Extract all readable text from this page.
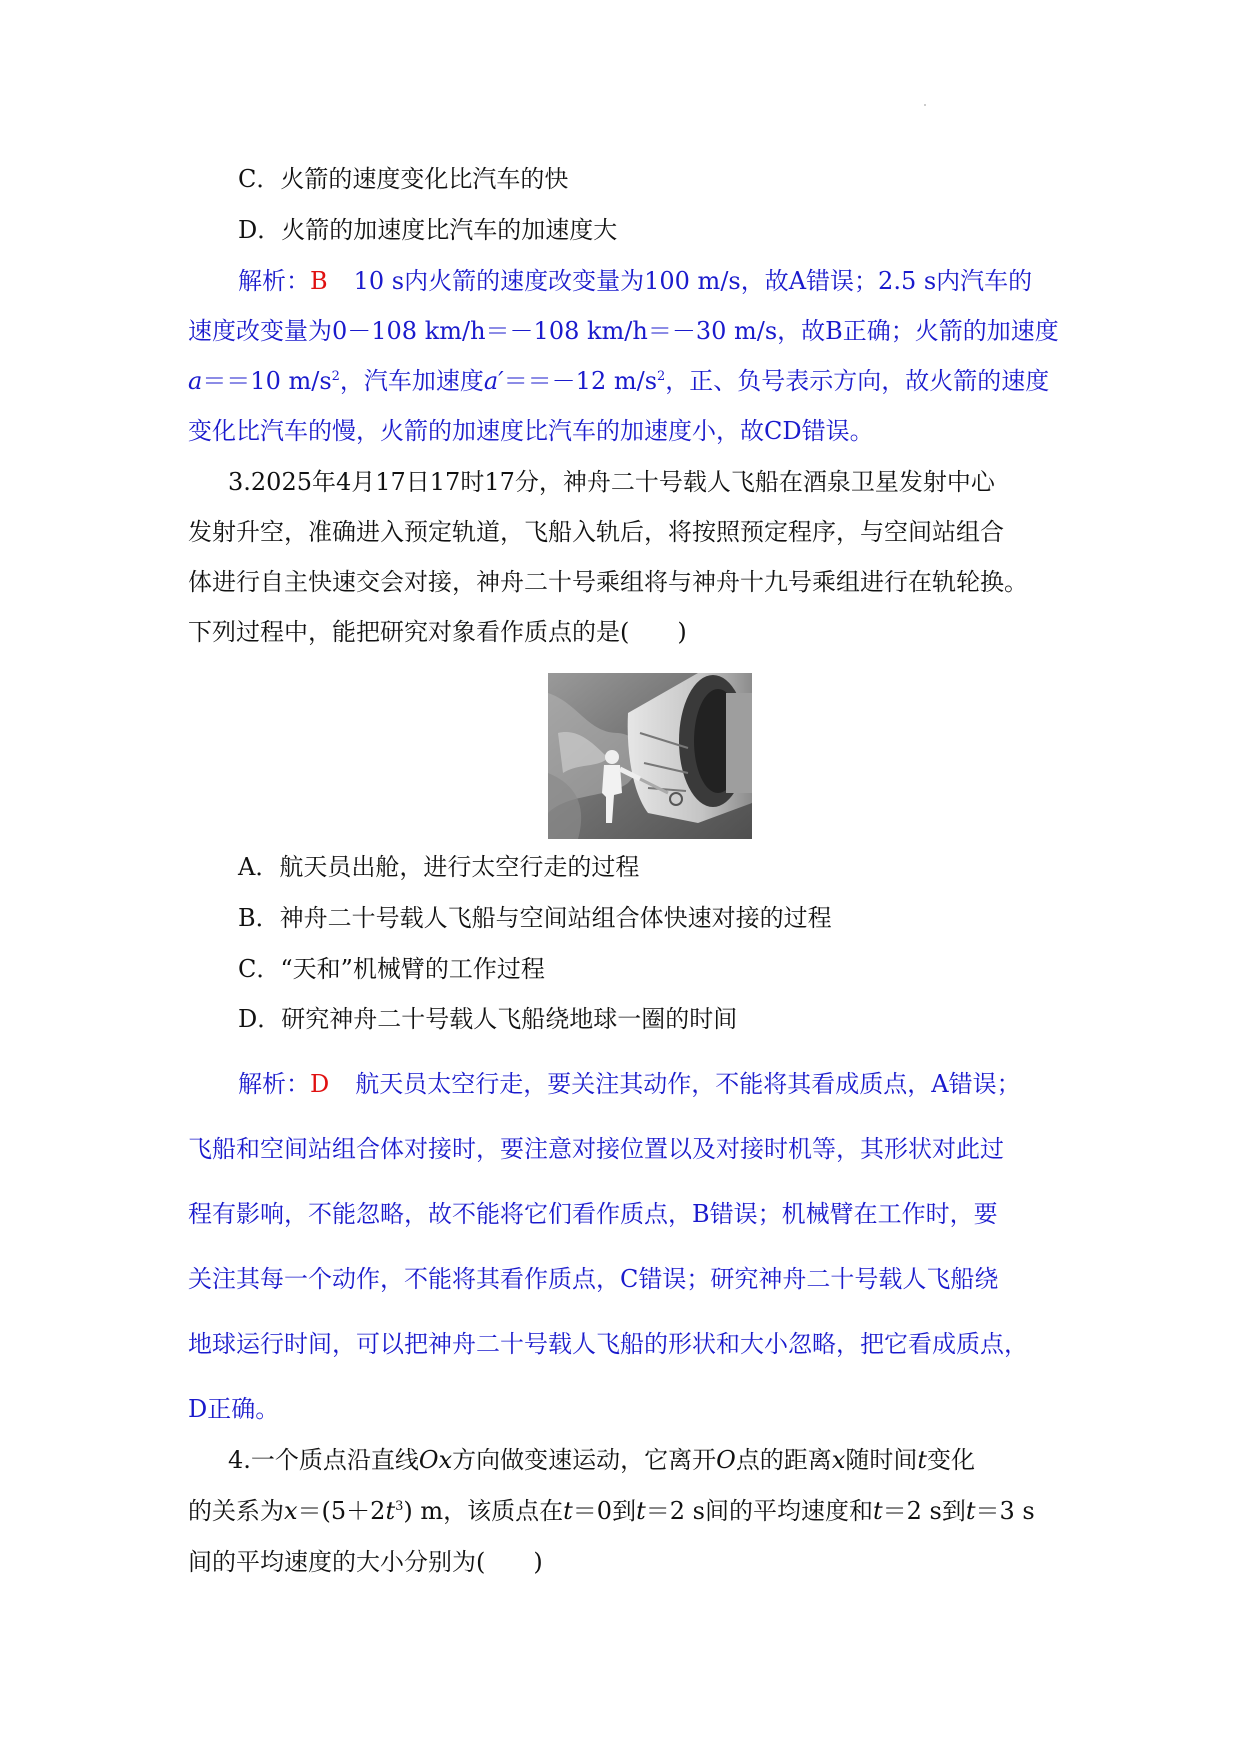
C．火箭的速度变化比汽车的快
D．火箭的加速度比汽车的加速度大
解析：B 10 s内火箭的速度改变量为100 m/s，故A错误；2.5 s内汽车的
速度改变量为0－108 km/h＝－108 km/h＝－30 m/s，故B正确；火箭的加速度
a＝＝10 $m/s^2$，汽车加速度a′＝＝－12 $m/s^2$，正、负号表示方向，故火箭的速度
变化比汽车的慢，火箭的加速度比汽车的加速度小，故CD错误。
3.2025年4月17日17时17分，神舟二十号载人飞船在酒泉卫星发射中心
发射升空，准确进入预定轨道，飞船入轨后，将按照预定程序，与空间站组合
体进行自主快速交会对接，神舟二十号乘组将与神舟十九号乘组进行在轨轮换。
下列过程中，能把研究对象看作质点的是(　　)
A．航天员出舱，进行太空行走的过程
B．神舟二十号载人飞船与空间站组合体快速对接的过程
C．“天和”机械臂的工作过程
D．研究神舟二十号载人飞船绕地球一圈的时间
解析：D 航天员太空行走，要关注其动作，不能将其看成质点，A错误；
飞船和空间站组合体对接时，要注意对接位置以及对接时机等，其形状对此过
程有影响，不能忽略，故不能将它们看作质点，B错误；机械臂在工作时，要
关注其每一个动作，不能将其看作质点，C错误；研究神舟二十号载人飞船绕
地球运行时间，可以把神舟二十号载人飞船的形状和大小忽略，把它看成质点，
D正确。
4.一个质点沿直线Ox方向做变速运动，它离开O点的距离x随时间t变化
的关系为$x=(5+2t^3)$ m，该质点在t＝0到t＝2 s间的平均速度和t＝2 s到t＝3 s
间的平均速度的大小分别为(　　)
